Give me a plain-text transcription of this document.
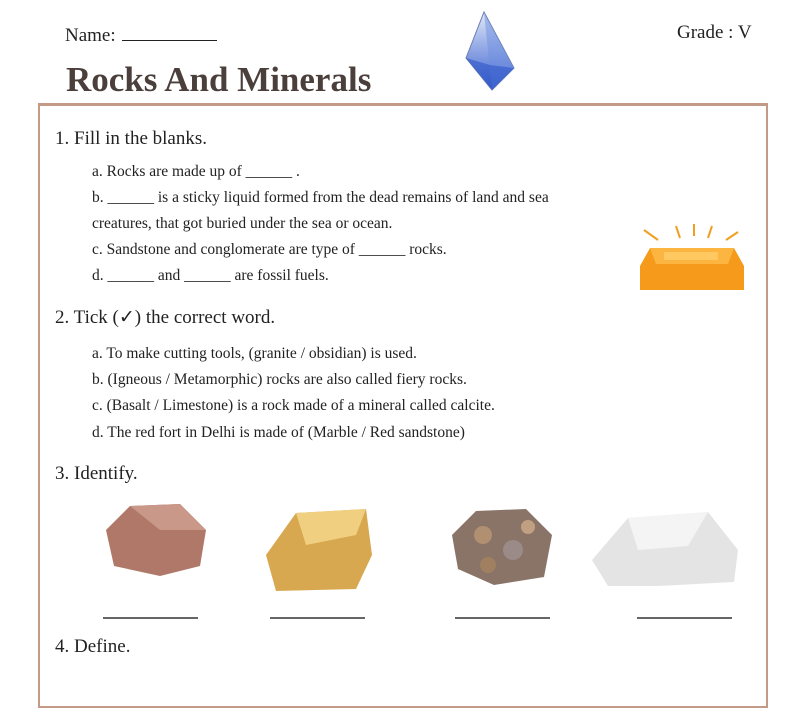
Name:	Grade : V
Rocks And Minerals
1. Fill in the blanks.
a. Rocks are made up of ______ .
b. ______ is a sticky liquid formed from the dead remains of land and sea
creatures, that got buried under the sea or ocean.
c. Sandstone and conglomerate are type of ______ rocks.
d. ______ and ______ are fossil fuels.
2. Tick (✓) the correct word.
a. To make cutting tools, (granite / obsidian) is used.
b. (Igneous / Metamorphic) rocks are also called fiery rocks.
c. (Basalt / Limestone) is a rock made of a mineral called calcite.
d. The red fort in Delhi is made of (Marble / Red sandstone)
3. Identify.
4. Define.
